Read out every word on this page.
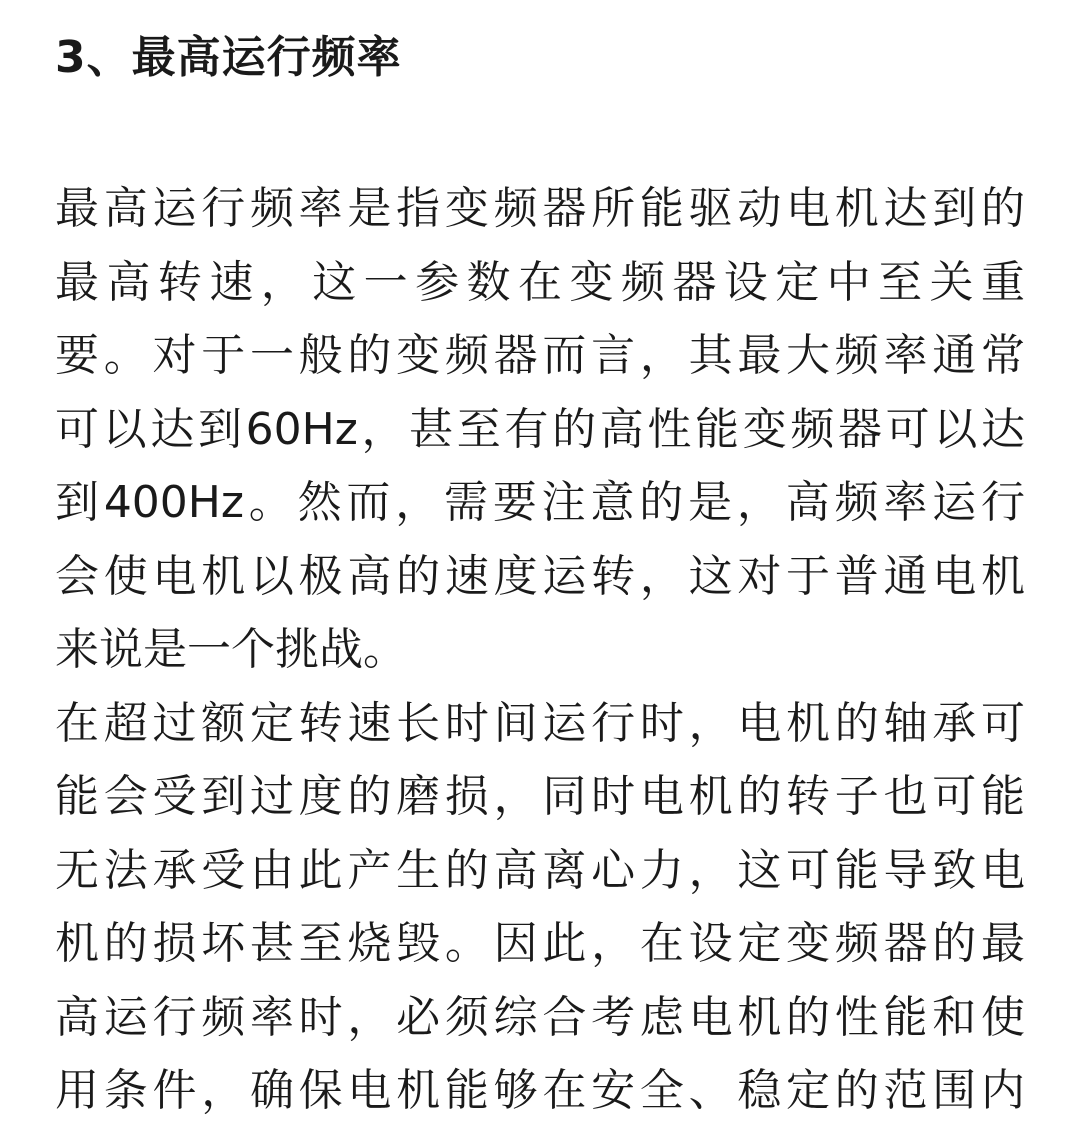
3、最高运行频率

最高运行频率是指变频器所能驱动电机达到的
最高转速，这一参数在变频器设定中至关重
要。对于一般的变频器而言，其最大频率通常
可以达到60Hz，甚至有的高性能变频器可以达
到400Hz。然而，需要注意的是，高频率运行
会使电机以极高的速度运转，这对于普通电机
来说是一个挑战。

在超过额定转速长时间运行时，电机的轴承可
能会受到过度的磨损，同时电机的转子也可能
无法承受由此产生的高离心力，这可能导致电
机的损坏甚至烧毁。因此，在设定变频器的最
高运行频率时，必须综合考虑电机的性能和使
用条件，确保电机能够在安全、稳定的范围内
